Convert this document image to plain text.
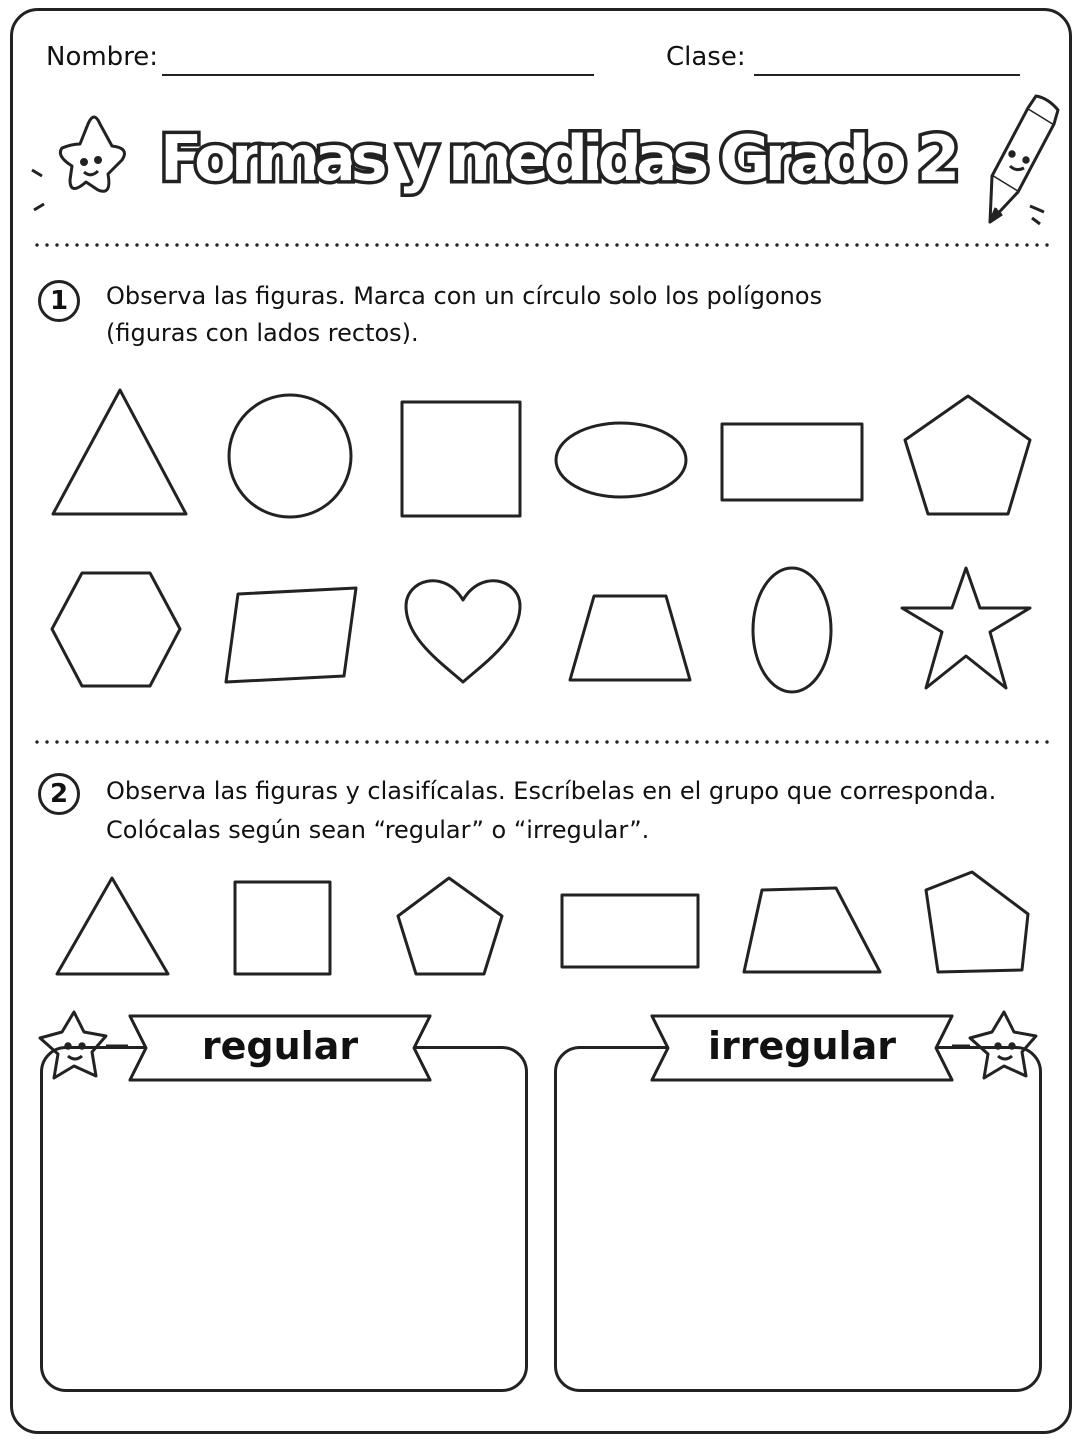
Nombre:	Clase:
Formas y medidas Grado 2
1	Observa las figuras. Marca con un círculo solo los polígonos
(figuras con lados rectos).
2	Observa las figuras y clasifícalas. Escríbelas en el grupo que corresponda.
Colócalas según sean “regular” o “irregular”.
regular	irregular
